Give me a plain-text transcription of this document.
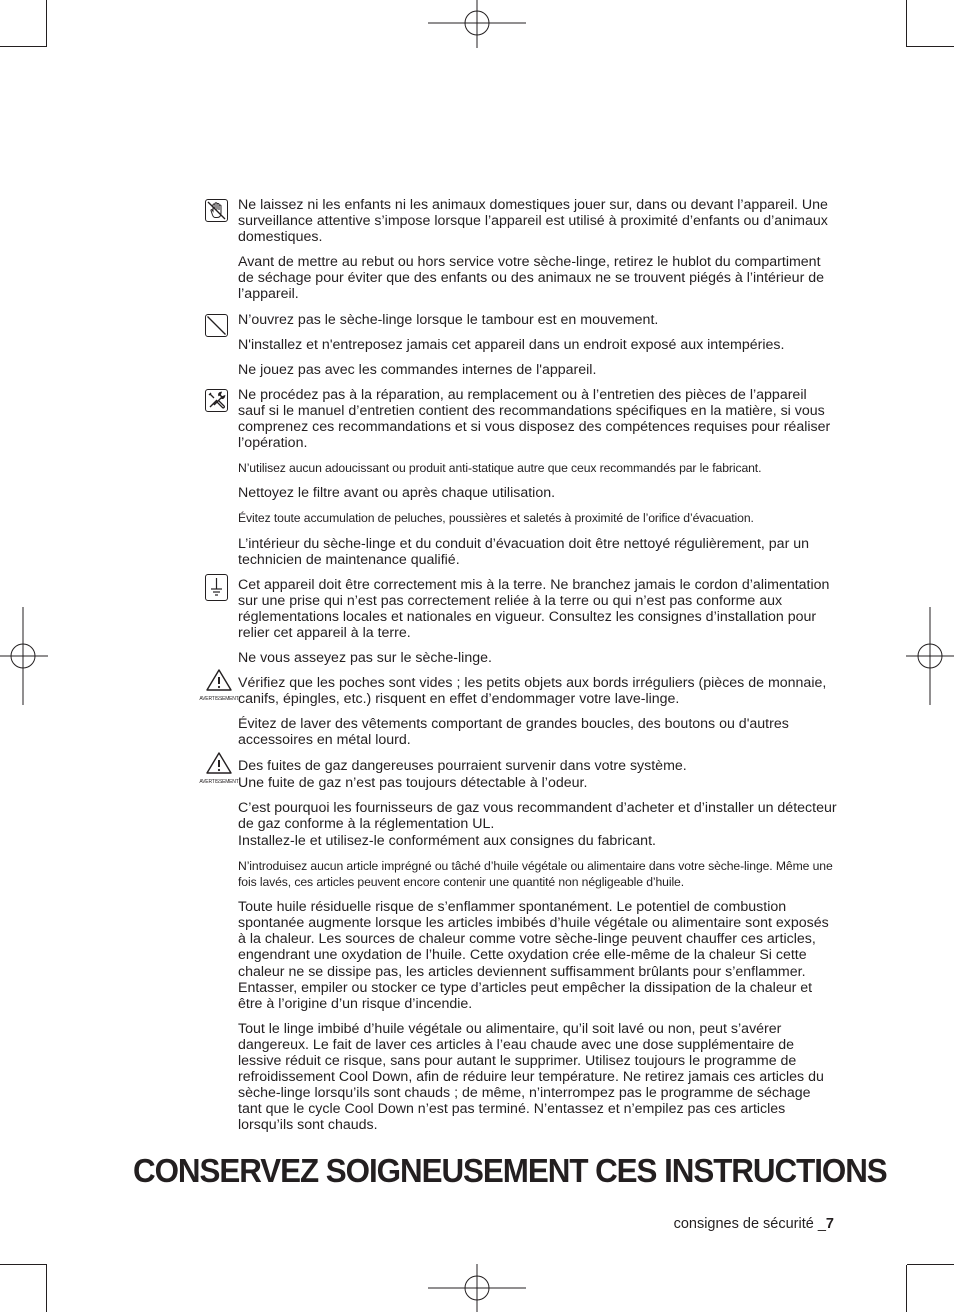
Ne laissez ni les enfants ni les animaux domestiques jouer sur, dans ou devant l’appareil. Une surveillance attentive s’impose lorsque l’appareil est utilisé à proximité d’enfants ou d’animaux domestiques.

Avant de mettre au rebut ou hors service votre sèche-linge, retirez le hublot du compartiment de séchage pour éviter que des enfants ou des animaux ne se trouvent piégés à l’intérieur de l’appareil.

N’ouvrez pas le sèche-linge lorsque le tambour est en mouvement.

N'installez et n'entreposez jamais cet appareil dans un endroit exposé aux intempéries.

Ne jouez pas avec les commandes internes de l'appareil.

Ne procédez pas à la réparation, au remplacement ou à l’entretien des pièces de l’appareil sauf si le manuel d’entretien contient des recommandations spécifiques en la matière, si vous comprenez ces recommandations et si vous disposez des compétences requises pour réaliser l’opération.

N’utilisez aucun adoucissant ou produit anti-statique autre que ceux recommandés par le fabricant.

Nettoyez le filtre avant ou après chaque utilisation.

Évitez toute accumulation de peluches, poussières et saletés à proximité de l’orifice d’évacuation.

L’intérieur du sèche-linge et du conduit d’évacuation doit être nettoyé régulièrement, par un technicien de maintenance qualifié.

Cet appareil doit être correctement mis à la terre. Ne branchez jamais le cordon d’alimentation sur une prise qui n’est pas correctement reliée à la terre ou qui n’est pas conforme aux réglementations locales et nationales en vigueur. Consultez les consignes d’installation pour relier cet appareil à la terre.

Ne vous asseyez pas sur le sèche-linge.

AVERTISSEMENT
Vérifiez que les poches sont vides ; les petits objets aux bords irréguliers (pièces de monnaie, canifs, épingles, etc.) risquent en effet d’endommager votre lave-linge.

Évitez de laver des vêtements comportant de grandes boucles, des boutons ou d'autres accessoires en métal lourd.

AVERTISSEMENT
Des fuites de gaz dangereuses pourraient survenir dans votre système.

Une fuite de gaz n’est pas toujours détectable à l’odeur.

C’est pourquoi les fournisseurs de gaz vous recommandent d’acheter et d’installer un détecteur de gaz conforme à la réglementation UL.

Installez-le et utilisez-le conformément aux consignes du fabricant.

N’introduisez aucun article imprégné ou tâché d’huile végétale ou alimentaire dans votre sèche-linge. Même une fois lavés, ces articles peuvent encore contenir une quantité non négligeable d’huile.

Toute huile résiduelle risque de s’enflammer spontanément. Le potentiel de combustion spontanée augmente lorsque les articles imbibés d’huile végétale ou alimentaire sont exposés à la chaleur. Les sources de chaleur comme votre sèche-linge peuvent chauffer ces articles, engendrant une oxydation de l’huile. Cette oxydation crée elle-même de la chaleur Si cette chaleur ne se dissipe pas, les articles deviennent suffisamment brûlants pour s’enflammer. Entasser, empiler ou stocker ce type d’articles peut empêcher la dissipation de la chaleur et être à l’origine d’un risque d’incendie.

Tout le linge imbibé d’huile végétale ou alimentaire, qu’il soit lavé ou non, peut s’avérer dangereux. Le fait de laver ces articles à l’eau chaude avec une dose supplémentaire de lessive réduit ce risque, sans pour autant le supprimer. Utilisez toujours le programme de refroidissement Cool Down, afin de réduire leur température. Ne retirez jamais ces articles du sèche-linge lorsqu’ils sont chauds ; de même, n’interrompez pas le programme de séchage tant que le cycle Cool Down n’est pas terminé. N’entassez et n’empilez pas ces articles lorsqu’ils sont chauds.

CONSERVEZ SOIGNEUSEMENT CES INSTRUCTIONS
consignes de sécurité _7
